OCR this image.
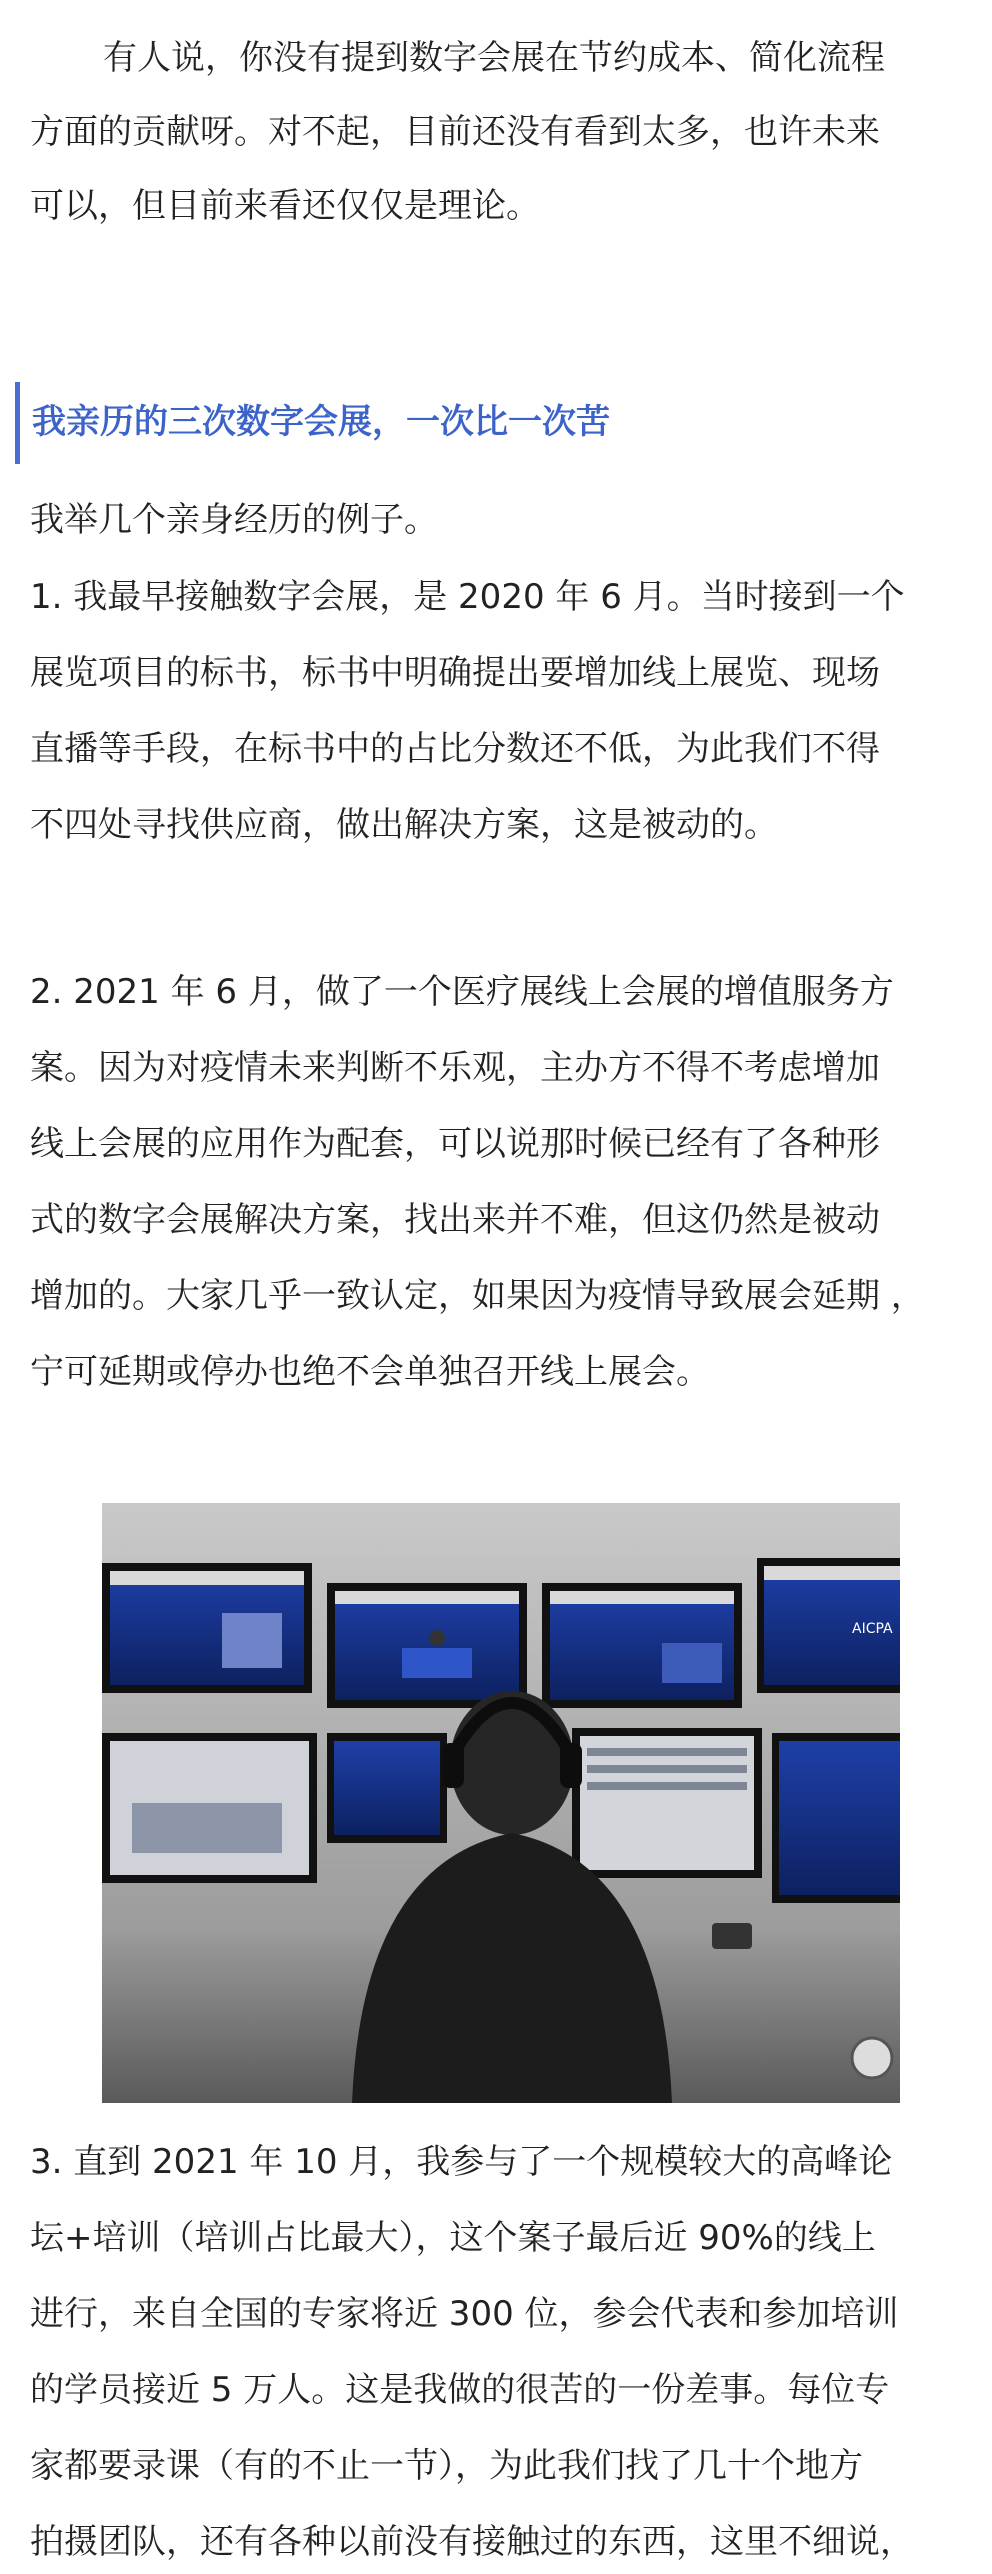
有人说，你没有提到数字会展在节约成本、简化流程
方面的贡献呀。对不起，目前还没有看到太多，也许未来
可以，但目前来看还仅仅是理论。
我亲历的三次数字会展，一次比一次苦
我举几个亲身经历的例子。
1. 我最早接触数字会展，是 2020 年 6 月。当时接到一个
展览项目的标书，标书中明确提出要增加线上展览、现场
直播等手段，在标书中的占比分数还不低，为此我们不得
不四处寻找供应商，做出解决方案，这是被动的。
2. 2021 年 6 月，做了一个医疗展线上会展的增值服务方
案。因为对疫情未来判断不乐观，主办方不得不考虑增加
线上会展的应用作为配套，可以说那时候已经有了各种形
式的数字会展解决方案，找出来并不难，但这仍然是被动
增加的。大家几乎一致认定，如果因为疫情导致展会延期 ，
宁可延期或停办也绝不会单独召开线上展会。
AICPA
3. 直到 2021 年 10 月，我参与了一个规模较大的高峰论
坛+培训（培训占比最大），这个案子最后近 90%的线上
进行，来自全国的专家将近 300 位，参会代表和参加培训
的学员接近 5 万人。这是我做的很苦的一份差事。每位专
家都要录课（有的不止一节），为此我们找了几十个地方
拍摄团队，还有各种以前没有接触过的东西，这里不细说，
